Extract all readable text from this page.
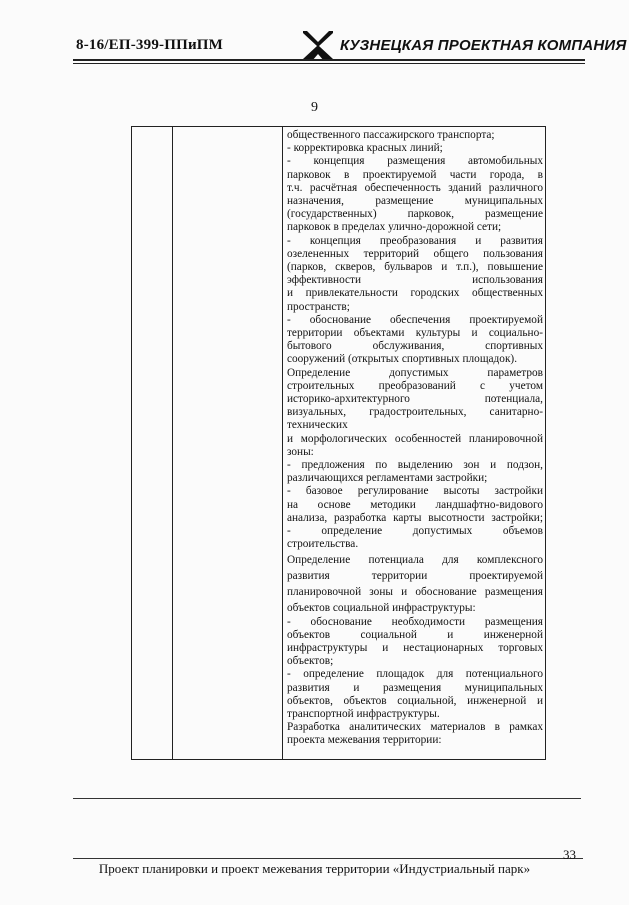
8-16/ЕП-399-ППиПМ	КУЗНЕЦКАЯ ПРОЕКТНАЯ КОМПАНИЯ
9

общественного пассажирского транспорта;

- корректировка красных линий;

- концепция размещения автомобильных

парковок в проектируемой части города, в

т.ч. расчётная обеспеченность зданий различного

назначения, размещение муниципальных

(государственных) парковок, размещение

парковок в пределах улично-дорожной сети;

- концепция преобразования и развития

озелененных территорий общего пользования

(парков, скверов, бульваров и т.п.), повышение

эффективности использования

и привлекательности городских общественных

пространств;

- обоснование обеспечения проектируемой

территории объектами культуры и социально-

бытового обслуживания, спортивных

сооружений (открытых спортивных площадок).

Определение допустимых параметров

строительных преобразований с учетом

историко-архитектурного потенциала,

визуальных, градостроительных, санитарно-

технических

и морфологических особенностей планировочной

зоны:

- предложения по выделению зон и подзон,

различающихся регламентами застройки;

- базовое регулирование высоты застройки

на основе методики ландшафтно-видового

анализа, разработка карты высотности застройки;

- определение допустимых объемов

строительства.

Определение потенциала для комплексного

развития территории проектируемой

планировочной зоны и обоснование размещения

объектов социальной инфраструктуры:

- обоснование необходимости размещения

объектов социальной и инженерной

инфраструктуры и нестационарных торговых

объектов;

- определение площадок для потенциального

развития и размещения муниципальных

объектов, объектов социальной, инженерной и

транспортной инфраструктуры.

Разработка аналитических материалов в рамках

проекта межевания территории:

33
Проект планировки и проект межевания территории «Индустриальный парк»
